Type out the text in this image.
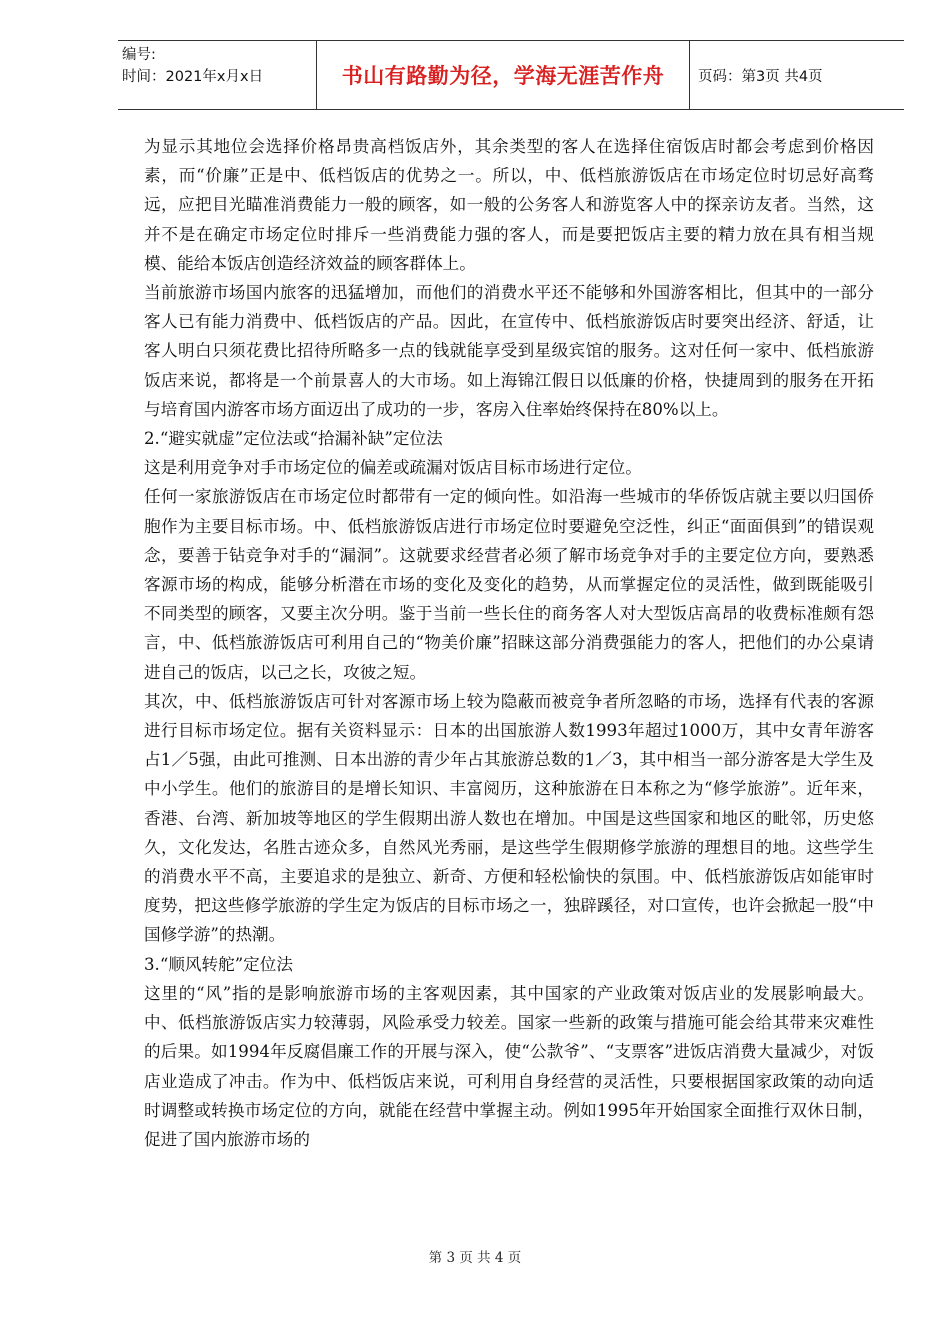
编号:
时间：2021年x月x日	书山有路勤为径，学海无涯苦作舟	页码：第3页 共4页

为显示其地位会选择价格昂贵高档饭店外，其余类型的客人在选择住宿饭店时都会考虑到价格因素，而“价廉”正是中、低档饭店的优势之一。所以，中、低档旅游饭店在市场定位时切忌好高骛远，应把目光瞄准消费能力一般的顾客，如一般的公务客人和游览客人中的探亲访友者。当然，这并不是在确定市场定位时排斥一些消费能力强的客人，而是要把饭店主要的精力放在具有相当规模、能给本饭店创造经济效益的顾客群体上。

当前旅游市场国内旅客的迅猛增加，而他们的消费水平还不能够和外国游客相比，但其中的一部分客人已有能力消费中、低档饭店的产品。因此，在宣传中、低档旅游饭店时要突出经济、舒适，让客人明白只须花费比招待所略多一点的钱就能享受到星级宾馆的服务。这对任何一家中、低档旅游饭店来说，都将是一个前景喜人的大市场。如上海锦江假日以低廉的价格，快捷周到的服务在开拓与培育国内游客市场方面迈出了成功的一步，客房入住率始终保持在80%以上。

2.“避实就虚”定位法或“拾漏补缺”定位法

这是利用竞争对手市场定位的偏差或疏漏对饭店目标市场进行定位。

任何一家旅游饭店在市场定位时都带有一定的倾向性。如沿海一些城市的华侨饭店就主要以归国侨胞作为主要目标市场。中、低档旅游饭店进行市场定位时要避免空泛性，纠正“面面俱到”的错误观念，要善于钻竞争对手的“漏洞”。这就要求经营者必须了解市场竞争对手的主要定位方向，要熟悉客源市场的构成，能够分析潜在市场的变化及变化的趋势，从而掌握定位的灵活性，做到既能吸引不同类型的顾客，又要主次分明。鉴于当前一些长住的商务客人对大型饭店高昂的收费标准颇有怨言，中、低档旅游饭店可利用自己的“物美价廉”招睐这部分消费强能力的客人，把他们的办公桌请进自己的饭店，以己之长，攻彼之短。

其次，中、低档旅游饭店可针对客源市场上较为隐蔽而被竞争者所忽略的市场，选择有代表的客源进行目标市场定位。据有关资料显示：日本的出国旅游人数1993年超过1000万，其中女青年游客占1／5强，由此可推测、日本出游的青少年占其旅游总数的1／3，其中相当一部分游客是大学生及中小学生。他们的旅游目的是增长知识、丰富阅历，这种旅游在日本称之为“修学旅游”。近年来，香港、台湾、新加坡等地区的学生假期出游人数也在增加。中国是这些国家和地区的毗邻，历史悠久，文化发达，名胜古迹众多，自然风光秀丽，是这些学生假期修学旅游的理想目的地。这些学生的消费水平不高，主要追求的是独立、新奇、方便和轻松愉快的氛围。中、低档旅游饭店如能审时度势，把这些修学旅游的学生定为饭店的目标市场之一，独辟蹊径，对口宣传，也许会掀起一股“中国修学游”的热潮。

3.“顺风转舵”定位法

这里的“风”指的是影响旅游市场的主客观因素，其中国家的产业政策对饭店业的发展影响最大。中、低档旅游饭店实力较薄弱，风险承受力较差。国家一些新的政策与措施可能会给其带来灾难性的后果。如1994年反腐倡廉工作的开展与深入，使“公款爷”、“支票客”进饭店消费大量减少，对饭店业造成了冲击。作为中、低档饭店来说，可利用自身经营的灵活性，只要根据国家政策的动向适时调整或转换市场定位的方向，就能在经营中掌握主动。例如1995年开始国家全面推行双休日制，促进了国内旅游市场的

第 3 页 共 4 页
